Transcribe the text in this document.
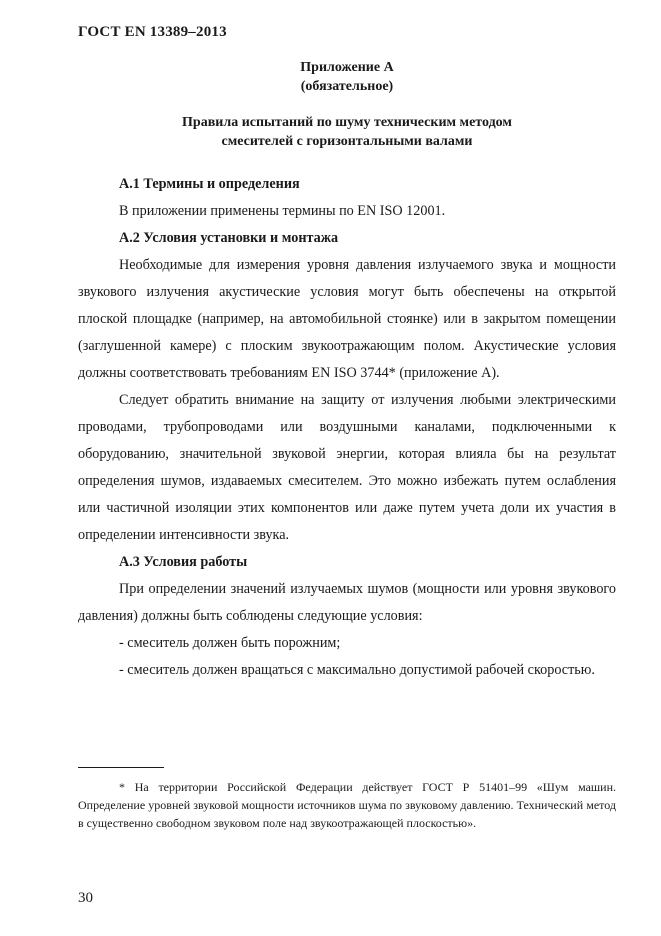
ГОСТ EN 13389–2013
Приложение А
(обязательное)
Правила испытаний по шуму техническим методом
смесителей с горизонтальными валами
А.1 Термины и определения

В приложении применены термины по EN ISO 12001.

А.2 Условия установки и монтажа

Необходимые для измерения уровня давления излучаемого звука и мощности звукового излучения акустические условия могут быть обеспечены на открытой плоской площадке (например, на автомобильной стоянке) или в закрытом помещении (заглушенной камере) с плоским звукоотражающим полом. Акустические условия должны соответствовать требованиям EN ISO 3744* (приложение А).

Следует обратить внимание на защиту от излучения любыми электрическими проводами, трубопроводами или воздушными каналами, подключенными к оборудованию, значительной звуковой энергии, которая влияла бы на результат определения шумов, издаваемых смесителем. Это можно избежать путем ослабления или частичной изоляции этих компонентов или даже путем учета доли их участия в определении интенсивности звука.

А.3 Условия работы

При определении значений излучаемых шумов (мощности или уровня звукового давления) должны быть соблюдены следующие условия:

- смеситель должен быть порожним;

- смеситель должен вращаться с максимально допустимой рабочей скоростью.

* На территории Российской Федерации действует ГОСТ Р 51401–99 «Шум машин. Определение уровней звуковой мощности источников шума по звуковому давлению. Технический метод в существенно свободном звуковом поле над звукоотражающей плоскостью».

30
